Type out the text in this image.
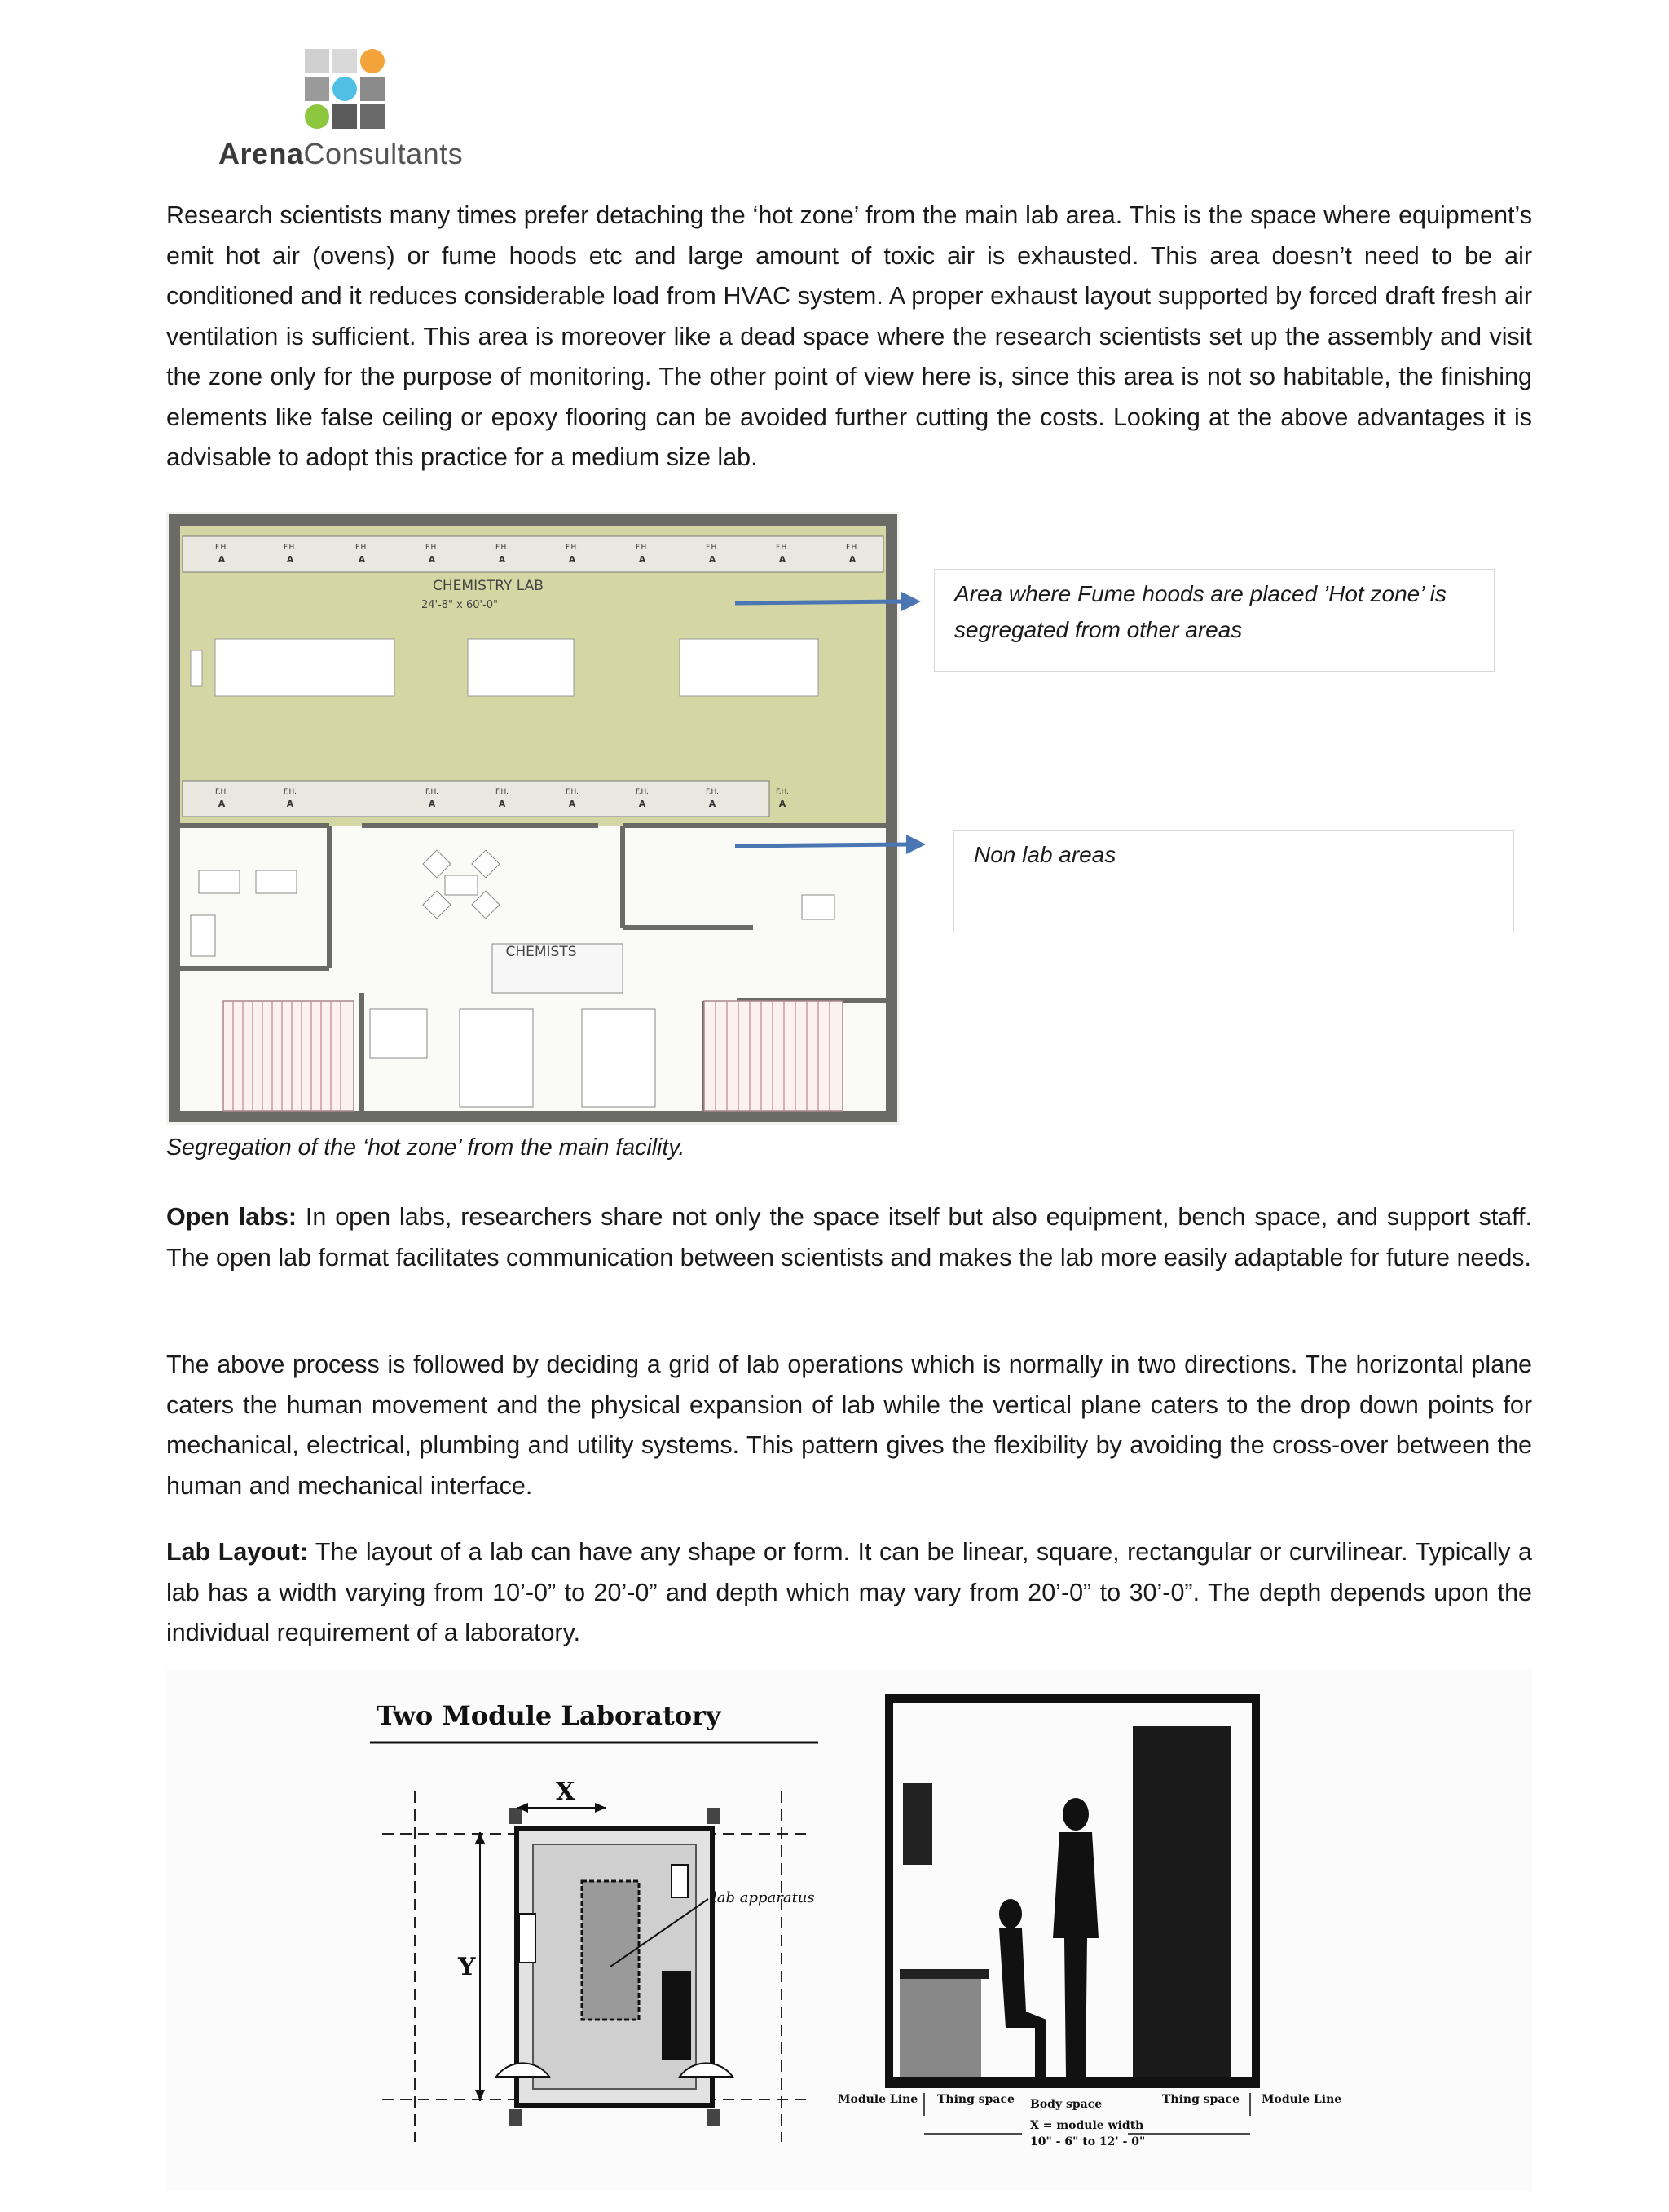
ArenaConsultants
Research scientists many times prefer detaching the ‘hot zone’ from the main lab area. This is the space where equipment’s emit hot air (ovens) or fume hoods etc and large amount of toxic air is exhausted. This area doesn’t need to be air conditioned and it reduces considerable load from HVAC system. A proper exhaust layout supported by forced draft fresh air ventilation is sufficient. This area is moreover like a dead space where the research scientists set up the assembly and visit the zone only for the purpose of monitoring. The other point of view here is, since this area is not so habitable, the finishing elements like false ceiling or epoxy flooring can be avoided further cutting the costs. Looking at the above advantages it is advisable to adopt this practice for a medium size lab.
F.H.	F.H.	F.H.	F.H.	F.H.	F.H.	F.H.	F.H.	F.H.	F.H.
F.H.	F.H.	F.H.	F.H.	F.H.	F.H.	F.H.	F.H.
A	A	A	A	A	A	A	A	A	A
A	A	A	A	A	A	A	A
CHEMISTRY LAB
24'-8" x 60'-0"
CHEMISTS
Area where Fume hoods are placed ’Hot zone’ is segregated from other areas
Non lab areas
Segregation of the ‘hot zone’ from the main facility.
Open labs: In open labs, researchers share not only the space itself but also equipment, bench space, and support staff. The open lab format facilitates communication between scientists and makes the lab more easily adaptable for future needs.
The above process is followed by deciding a grid of lab operations which is normally in two directions. The horizontal plane caters the human movement and the physical expansion of lab while the vertical plane caters to the drop down points for mechanical, electrical, plumbing and utility systems. This pattern gives the flexibility by avoiding the cross-over between the human and mechanical interface.
Lab Layout: The layout of a lab can have any shape or form. It can be linear, square, rectangular or curvilinear. Typically a lab has a width varying from 10’-0” to 20’-0” and depth which may vary from 20’-0” to 30’-0”. The depth depends upon the individual requirement of a laboratory.
Two Module Laboratory
X
Y
lab apparatus
Module Line Thing space Body space	Thing space Module Line
X = module width
10" - 6" to 12' - 0"
